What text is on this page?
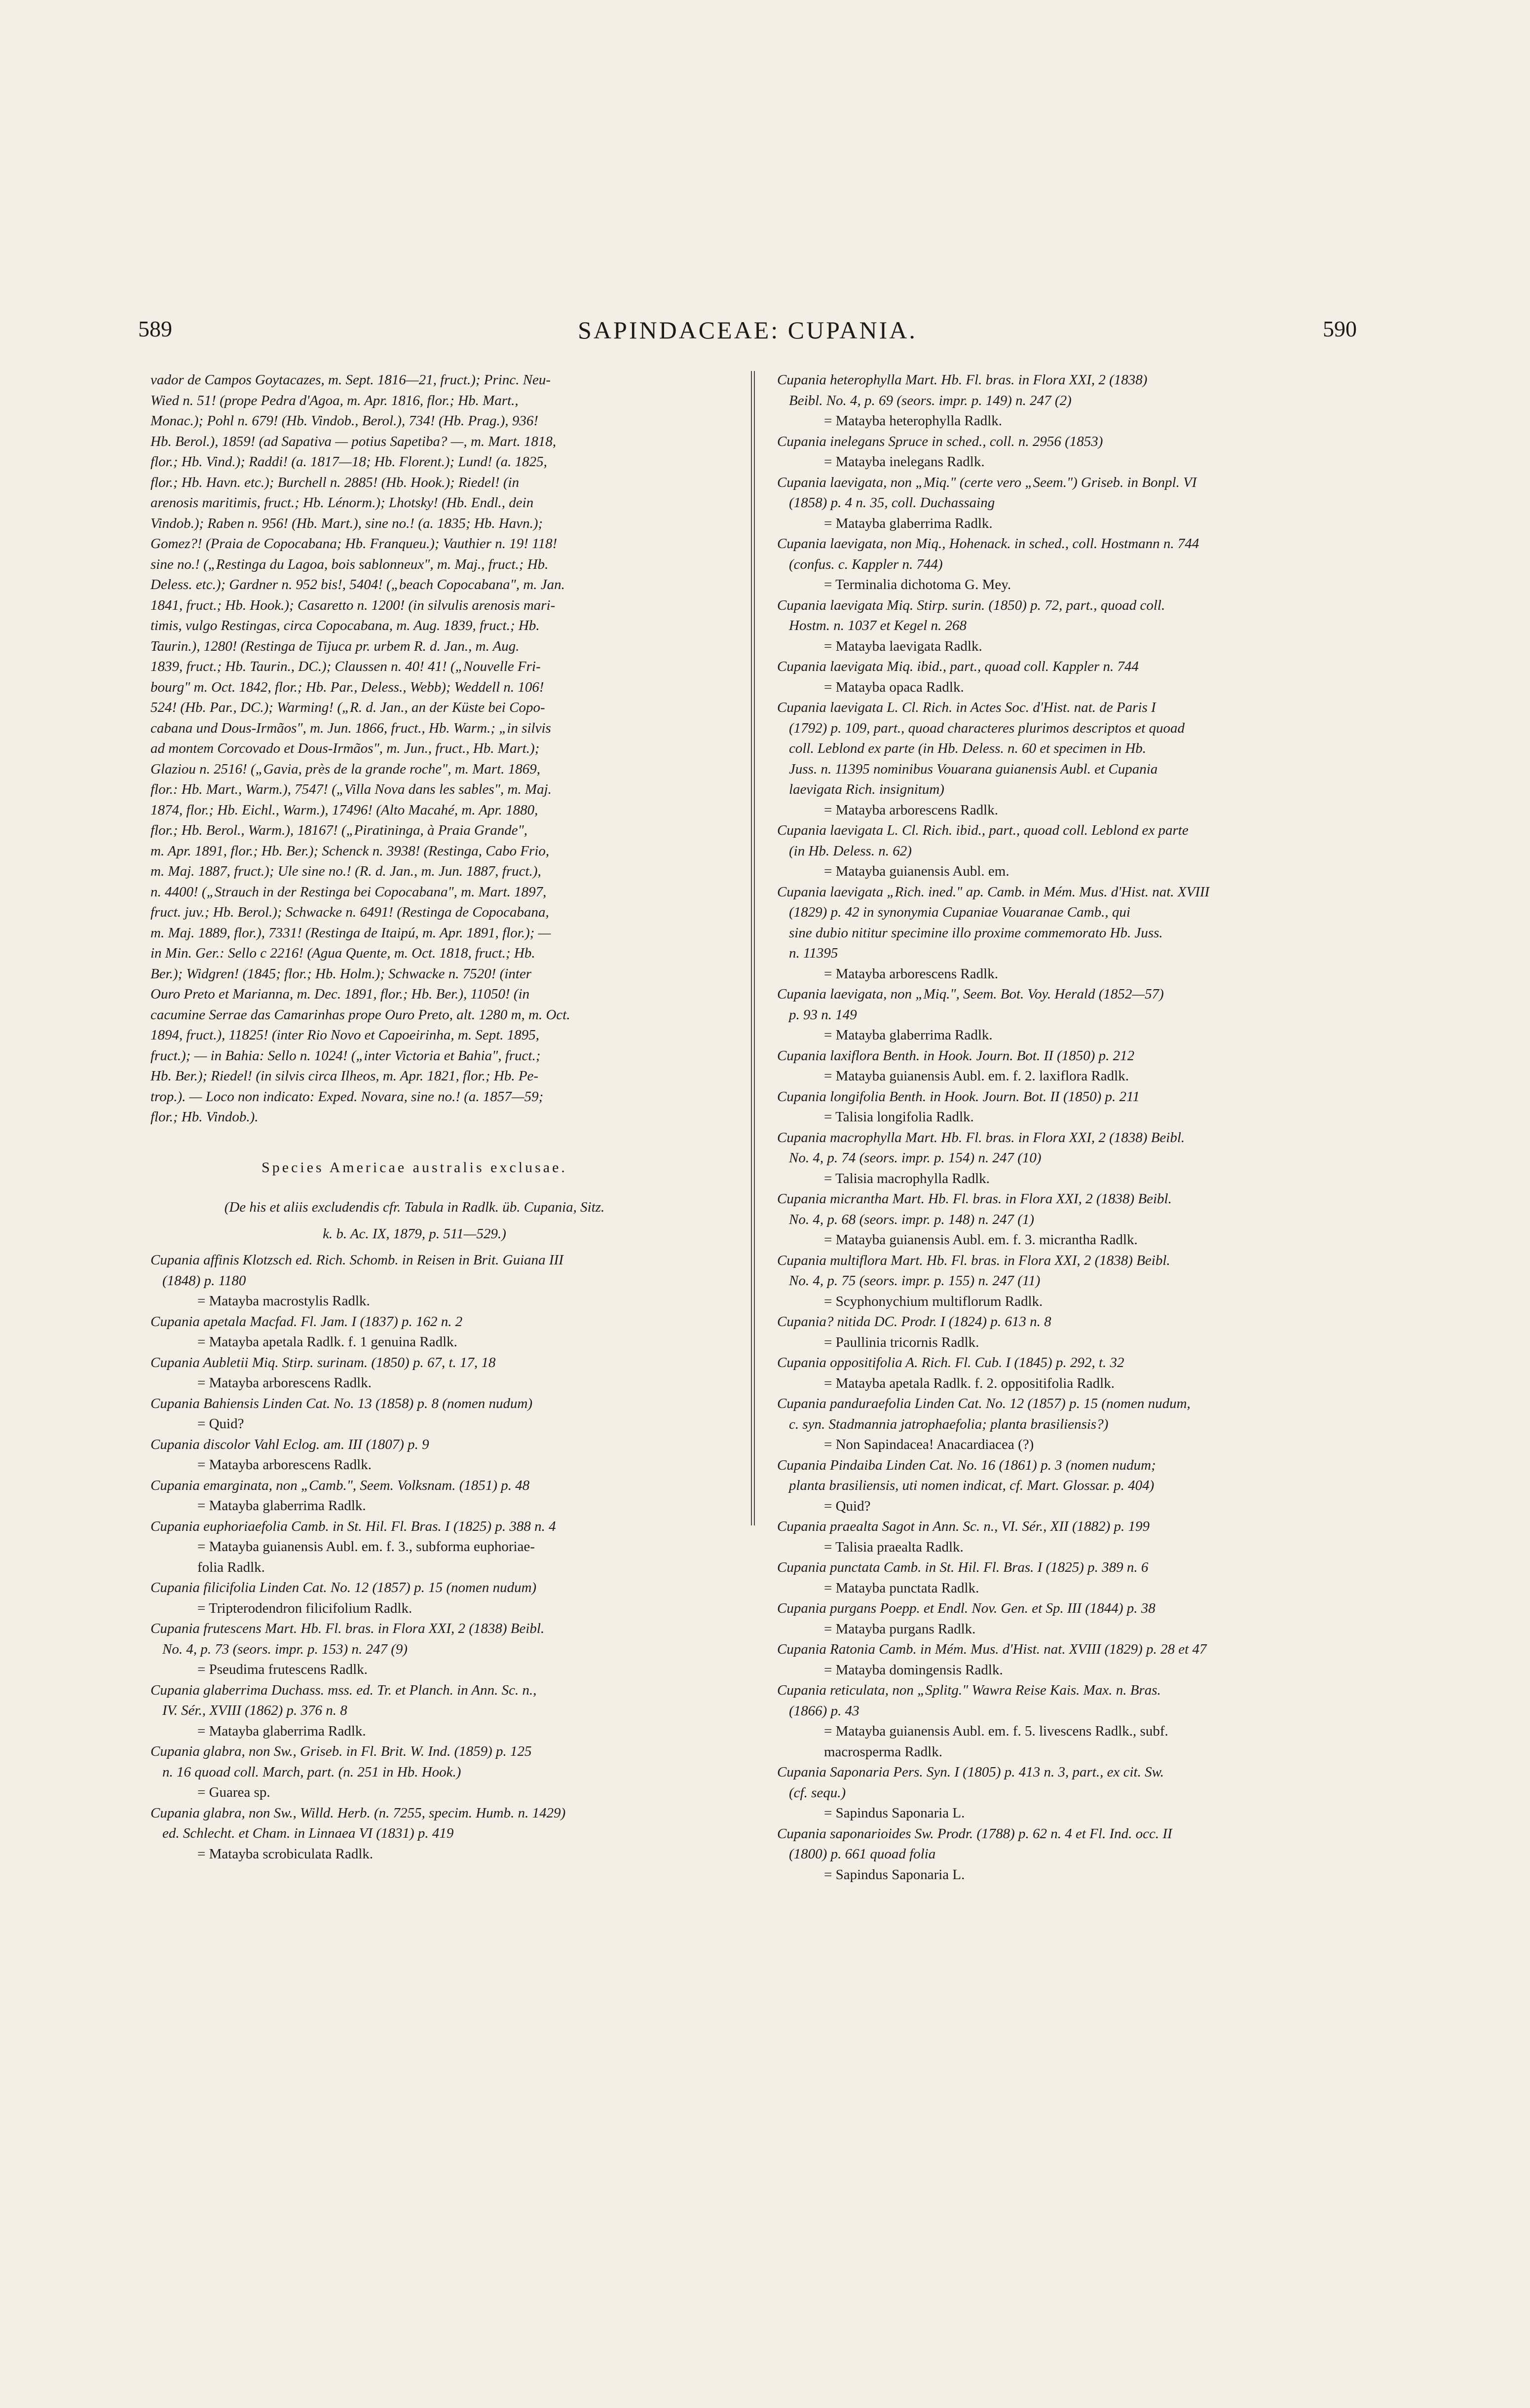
589	SAPINDACEAE: CUPANIA.	590
vador de Campos Goytacazes, m. Sept. 1816—21, fruct.); Princ. Neu-
Wied n. 51! (prope Pedra d'Agoa, m. Apr. 1816, flor.; Hb. Mart.,
Monac.); Pohl n. 679! (Hb. Vindob., Berol.), 734! (Hb. Prag.), 936!
Hb. Berol.), 1859! (ad Sapativa — potius Sapetiba? —, m. Mart. 1818,
flor.; Hb. Vind.); Raddi! (a. 1817—18; Hb. Florent.); Lund! (a. 1825,
flor.; Hb. Havn. etc.); Burchell n. 2885! (Hb. Hook.); Riedel! (in
arenosis maritimis, fruct.; Hb. Lénorm.); Lhotsky! (Hb. Endl., dein
Vindob.); Raben n. 956! (Hb. Mart.), sine no.! (a. 1835; Hb. Havn.);
Gomez?! (Praia de Copocabana; Hb. Franqueu.); Vauthier n. 19! 118!
sine no.! („Restinga du Lagoa, bois sablonneux", m. Maj., fruct.; Hb.
Deless. etc.); Gardner n. 952 bis!, 5404! („beach Copocabana", m. Jan.
1841, fruct.; Hb. Hook.); Casaretto n. 1200! (in silvulis arenosis mari-
timis, vulgo Restingas, circa Copocabana, m. Aug. 1839, fruct.; Hb.
Taurin.), 1280! (Restinga de Tijuca pr. urbem R. d. Jan., m. Aug.
1839, fruct.; Hb. Taurin., DC.); Claussen n. 40! 41! („Nouvelle Fri-
bourg" m. Oct. 1842, flor.; Hb. Par., Deless., Webb); Weddell n. 106!
524! (Hb. Par., DC.); Warming! („R. d. Jan., an der Küste bei Copo-
cabana und Dous-Irmãos", m. Jun. 1866, fruct., Hb. Warm.; „in silvis
ad montem Corcovado et Dous-Irmãos", m. Jun., fruct., Hb. Mart.);
Glaziou n. 2516! („Gavia, près de la grande roche", m. Mart. 1869,
flor.: Hb. Mart., Warm.), 7547! („Villa Nova dans les sables", m. Maj.
1874, flor.; Hb. Eichl., Warm.), 17496! (Alto Macahé, m. Apr. 1880,
flor.; Hb. Berol., Warm.), 18167! („Piratininga, à Praia Grande",
m. Apr. 1891, flor.; Hb. Ber.); Schenck n. 3938! (Restinga, Cabo Frio,
m. Maj. 1887, fruct.); Ule sine no.! (R. d. Jan., m. Jun. 1887, fruct.),
n. 4400! („Strauch in der Restinga bei Copocabana", m. Mart. 1897,
fruct. juv.; Hb. Berol.); Schwacke n. 6491! (Restinga de Copocabana,
m. Maj. 1889, flor.), 7331! (Restinga de Itaipú, m. Apr. 1891, flor.); —
in Min. Ger.: Sello c 2216! (Agua Quente, m. Oct. 1818, fruct.; Hb.
Ber.); Widgren! (1845; flor.; Hb. Holm.); Schwacke n. 7520! (inter
Ouro Preto et Marianna, m. Dec. 1891, flor.; Hb. Ber.), 11050! (in
cacumine Serrae das Camarinhas prope Ouro Preto, alt. 1280 m, m. Oct.
1894, fruct.), 11825! (inter Rio Novo et Capoeirinha, m. Sept. 1895,
fruct.); — in Bahia: Sello n. 1024! („inter Victoria et Bahia", fruct.;
Hb. Ber.); Riedel! (in silvis circa Ilheos, m. Apr. 1821, flor.; Hb. Pe-
trop.). — Loco non indicato: Exped. Novara, sine no.! (a. 1857—59;
flor.; Hb. Vindob.).
Species Americae australis exclusae.
(De his et aliis excludendis cfr. Tabula in Radlk. üb. Cupania, Sitz.
k. b. Ac. IX, 1879, p. 511—529.)
Cupania affinis Klotzsch ed. Rich. Schomb. in Reisen in Brit. Guiana III
(1848) p. 1180
= Matayba macrostylis Radlk.
Cupania apetala Macfad. Fl. Jam. I (1837) p. 162 n. 2
= Matayba apetala Radlk. f. 1 genuina Radlk.
Cupania Aubletii Miq. Stirp. surinam. (1850) p. 67, t. 17, 18
= Matayba arborescens Radlk.
Cupania Bahiensis Linden Cat. No. 13 (1858) p. 8 (nomen nudum)
= Quid?
Cupania discolor Vahl Eclog. am. III (1807) p. 9
= Matayba arborescens Radlk.
Cupania emarginata, non „Camb.", Seem. Volksnam. (1851) p. 48
= Matayba glaberrima Radlk.
Cupania euphoriaefolia Camb. in St. Hil. Fl. Bras. I (1825) p. 388 n. 4
= Matayba guianensis Aubl. em. f. 3., subforma euphoriae-
folia Radlk.
Cupania filicifolia Linden Cat. No. 12 (1857) p. 15 (nomen nudum)
= Tripterodendron filicifolium Radlk.
Cupania frutescens Mart. Hb. Fl. bras. in Flora XXI, 2 (1838) Beibl.
No. 4, p. 73 (seors. impr. p. 153) n. 247 (9)
= Pseudima frutescens Radlk.
Cupania glaberrima Duchass. mss. ed. Tr. et Planch. in Ann. Sc. n.,
IV. Sér., XVIII (1862) p. 376 n. 8
= Matayba glaberrima Radlk.
Cupania glabra, non Sw., Griseb. in Fl. Brit. W. Ind. (1859) p. 125
n. 16 quoad coll. March, part. (n. 251 in Hb. Hook.)
= Guarea sp.
Cupania glabra, non Sw., Willd. Herb. (n. 7255, specim. Humb. n. 1429)
ed. Schlecht. et Cham. in Linnaea VI (1831) p. 419
= Matayba scrobiculata Radlk.
Cupania heterophylla Mart. Hb. Fl. bras. in Flora XXI, 2 (1838)
Beibl. No. 4, p. 69 (seors. impr. p. 149) n. 247 (2)
= Matayba heterophylla Radlk.
Cupania inelegans Spruce in sched., coll. n. 2956 (1853)
= Matayba inelegans Radlk.
Cupania laevigata, non „Miq." (certe vero „Seem.") Griseb. in Bonpl. VI
(1858) p. 4 n. 35, coll. Duchassaing
= Matayba glaberrima Radlk.
Cupania laevigata, non Miq., Hohenack. in sched., coll. Hostmann n. 744
(confus. c. Kappler n. 744)
= Terminalia dichotoma G. Mey.
Cupania laevigata Miq. Stirp. surin. (1850) p. 72, part., quoad coll.
Hostm. n. 1037 et Kegel n. 268
= Matayba laevigata Radlk.
Cupania laevigata Miq. ibid., part., quoad coll. Kappler n. 744
= Matayba opaca Radlk.
Cupania laevigata L. Cl. Rich. in Actes Soc. d'Hist. nat. de Paris I
(1792) p. 109, part., quoad characteres plurimos descriptos et quoad
coll. Leblond ex parte (in Hb. Deless. n. 60 et specimen in Hb.
Juss. n. 11395 nominibus Vouarana guianensis Aubl. et Cupania
laevigata Rich. insignitum)
= Matayba arborescens Radlk.
Cupania laevigata L. Cl. Rich. ibid., part., quoad coll. Leblond ex parte
(in Hb. Deless. n. 62)
= Matayba guianensis Aubl. em.
Cupania laevigata „Rich. ined." ap. Camb. in Mém. Mus. d'Hist. nat. XVIII
(1829) p. 42 in synonymia Cupaniae Vouaranae Camb., qui
sine dubio nititur specimine illo proxime commemorato Hb. Juss.
n. 11395
= Matayba arborescens Radlk.
Cupania laevigata, non „Miq.", Seem. Bot. Voy. Herald (1852—57)
p. 93 n. 149
= Matayba glaberrima Radlk.
Cupania laxiflora Benth. in Hook. Journ. Bot. II (1850) p. 212
= Matayba guianensis Aubl. em. f. 2. laxiflora Radlk.
Cupania longifolia Benth. in Hook. Journ. Bot. II (1850) p. 211
= Talisia longifolia Radlk.
Cupania macrophylla Mart. Hb. Fl. bras. in Flora XXI, 2 (1838) Beibl.
No. 4, p. 74 (seors. impr. p. 154) n. 247 (10)
= Talisia macrophylla Radlk.
Cupania micrantha Mart. Hb. Fl. bras. in Flora XXI, 2 (1838) Beibl.
No. 4, p. 68 (seors. impr. p. 148) n. 247 (1)
= Matayba guianensis Aubl. em. f. 3. micrantha Radlk.
Cupania multiflora Mart. Hb. Fl. bras. in Flora XXI, 2 (1838) Beibl.
No. 4, p. 75 (seors. impr. p. 155) n. 247 (11)
= Scyphonychium multiflorum Radlk.
Cupania? nitida DC. Prodr. I (1824) p. 613 n. 8
= Paullinia tricornis Radlk.
Cupania oppositifolia A. Rich. Fl. Cub. I (1845) p. 292, t. 32
= Matayba apetala Radlk. f. 2. oppositifolia Radlk.
Cupania panduraefolia Linden Cat. No. 12 (1857) p. 15 (nomen nudum,
c. syn. Stadmannia jatrophaefolia; planta brasiliensis?)
= Non Sapindacea! Anacardiacea (?)
Cupania Pindaiba Linden Cat. No. 16 (1861) p. 3 (nomen nudum;
planta brasiliensis, uti nomen indicat, cf. Mart. Glossar. p. 404)
= Quid?
Cupania praealta Sagot in Ann. Sc. n., VI. Sér., XII (1882) p. 199
= Talisia praealta Radlk.
Cupania punctata Camb. in St. Hil. Fl. Bras. I (1825) p. 389 n. 6
= Matayba punctata Radlk.
Cupania purgans Poepp. et Endl. Nov. Gen. et Sp. III (1844) p. 38
= Matayba purgans Radlk.
Cupania Ratonia Camb. in Mém. Mus. d'Hist. nat. XVIII (1829) p. 28 et 47
= Matayba domingensis Radlk.
Cupania reticulata, non „Splitg." Wawra Reise Kais. Max. n. Bras.
(1866) p. 43
= Matayba guianensis Aubl. em. f. 5. livescens Radlk., subf.
macrosperma Radlk.
Cupania Saponaria Pers. Syn. I (1805) p. 413 n. 3, part., ex cit. Sw.
(cf. sequ.)
= Sapindus Saponaria L.
Cupania saponarioides Sw. Prodr. (1788) p. 62 n. 4 et Fl. Ind. occ. II
(1800) p. 661 quoad folia
= Sapindus Saponaria L.
